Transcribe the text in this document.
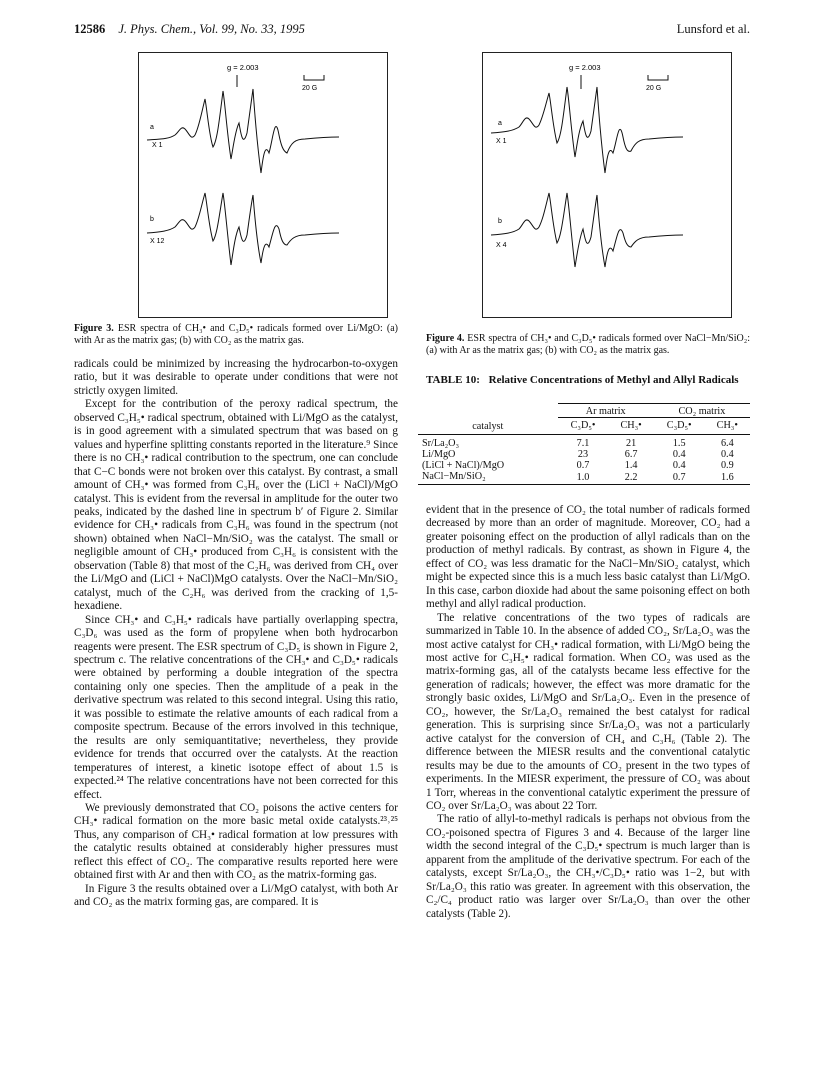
12586 J. Phys. Chem., Vol. 99, No. 33, 1995	Lunsford et al.
g = 2.003
20 G
a
X 1
b
X 12
Figure 3. ESR spectra of CH₃• and C₃D₅• radicals formed over Li/MgO: (a) with Ar as the matrix gas; (b) with CO₂ as the matrix gas.
g = 2.003
20 G
a
X 1
b
X 4
Figure 4. ESR spectra of CH₃• and C₃D₅• radicals formed over NaCl−Mn/SiO₂: (a) with Ar as the matrix gas; (b) with CO₂ as the matrix gas.
TABLE 10: Relative Concentrations of Methyl and Allyl Radicals
	Ar matrix		CO₂ matrix	
catalyst	C₃D₅•	CH₃•	C₃D₅•	CH₃•
Sr/La₂O₃	7.1	21	1.5	6.4
Li/MgO	23	6.7	0.4	0.4
(LiCl + NaCl)/MgO	0.7	1.4	0.4	0.9
NaCl−Mn/SiO₂	1.0	2.2	0.7	1.6

radicals could be minimized by increasing the hydrocarbon-to-oxygen ratio, but it was desirable to operate under conditions that were not strictly oxygen limited.

Except for the contribution of the peroxy radical spectrum, the observed C₃H₅• radical spectrum, obtained with Li/MgO as the catalyst, is in good agreement with a simulated spectrum that was based on g values and hyperfine splitting constants reported in the literature.⁹ Since there is no CH₃• radical contribution to the spectrum, one can conclude that C−C bonds were not broken over this catalyst. By contrast, a small amount of CH₃• was formed from C₃H₆ over the (LiCl + NaCl)/MgO catalyst. This is evident from the reversal in amplitude for the outer two peaks, indicated by the dashed line in spectrum b′ of Figure 2. Similar evidence for CH₃• radicals from C₃H₆ was found in the spectrum (not shown) obtained when NaCl−Mn/SiO₂ was the catalyst. The small or negligible amount of CH₃• produced from C₃H₆ is consistent with the observation (Table 8) that most of the C₂H₆ was derived from CH₄ over the Li/MgO and (LiCl + NaCl)MgO catalysts. Over the NaCl−Mn/SiO₂ catalyst, much of the C₂H₆ was derived from the cracking of 1,5-hexadiene.

Since CH₃• and C₃H₅• radicals have partially overlapping spectra, C₃D₆ was used as the form of propylene when both hydrocarbon reagents were present. The ESR spectrum of C₃D₅ is shown in Figure 2, spectrum c. The relative concentrations of the CH₃• and C₃D₅• radicals were obtained by performing a double integration of the spectra containing only one species. Then the amplitude of a peak in the derivative spectrum was related to this second integral. Using this ratio, it was possible to estimate the relative amounts of each radical from a composite spectrum. Because of the errors involved in this technique, the results are only semiquantitative; nevertheless, they provide evidence for trends that occurred over the catalysts. At the reaction temperatures of interest, a kinetic isotope effect of about 1.5 is expected.²⁴ The relative concentrations have not been corrected for this effect.

We previously demonstrated that CO₂ poisons the active centers for CH₃• radical formation on the more basic metal oxide catalysts.²³˒²⁵ Thus, any comparison of CH₃• radical formation at low pressures with the catalytic results obtained at considerably higher pressures must reflect this effect of CO₂. The comparative results reported here were obtained first with Ar and then with CO₂ as the matrix-forming gas.

In Figure 3 the results obtained over a Li/MgO catalyst, with both Ar and CO₂ as the matrix forming gas, are compared. It is

evident that in the presence of CO₂ the total number of radicals formed decreased by more than an order of magnitude. Moreover, CO₂ had a greater poisoning effect on the production of allyl radicals than on the production of methyl radicals. By contrast, as shown in Figure 4, the effect of CO₂ was less dramatic for the NaCl−Mn/SiO₂ catalyst, which might be expected since this is a much less basic catalyst than Li/MgO. In this case, carbon dioxide had about the same poisoning effect on both methyl and allyl radical production.

The relative concentrations of the two types of radicals are summarized in Table 10. In the absence of added CO₂, Sr/La₂O₃ was the most active catalyst for CH₃• radical formation, with Li/MgO being the most active for C₃H₅• radical formation. When CO₂ was used as the matrix-forming gas, all of the catalysts became less effective for the generation of radicals; however, the effect was more dramatic for the strongly basic oxides, Li/MgO and Sr/La₂O₃. Even in the presence of CO₂, however, the Sr/La₂O₃ remained the best catalyst for radical generation. This is surprising since Sr/La₂O₃ was not a particularly active catalyst for the conversion of CH₄ and C₃H₆ (Table 2). The difference between the MIESR results and the conventional catalytic results may be due to the amounts of CO₂ present in the two types of experiments. In the MIESR experiment, the pressure of CO₂ was about 1 Torr, whereas in the conventional catalytic experiment the pressure of CO₂ over Sr/La₂O₃ was about 22 Torr.

The ratio of allyl-to-methyl radicals is perhaps not obvious from the CO₂-poisoned spectra of Figures 3 and 4. Because of the larger line width the second integral of the C₃D₅• spectrum is much larger than is apparent from the amplitude of the derivative spectrum. For each of the catalysts, except Sr/La₂O₃, the CH₃•/C₃D₅• ratio was 1−2, but with Sr/La₂O₃ this ratio was greater. In agreement with this observation, the C₂/C₄ product ratio was larger over Sr/La₂O₃ than over the other catalysts (Table 2).
